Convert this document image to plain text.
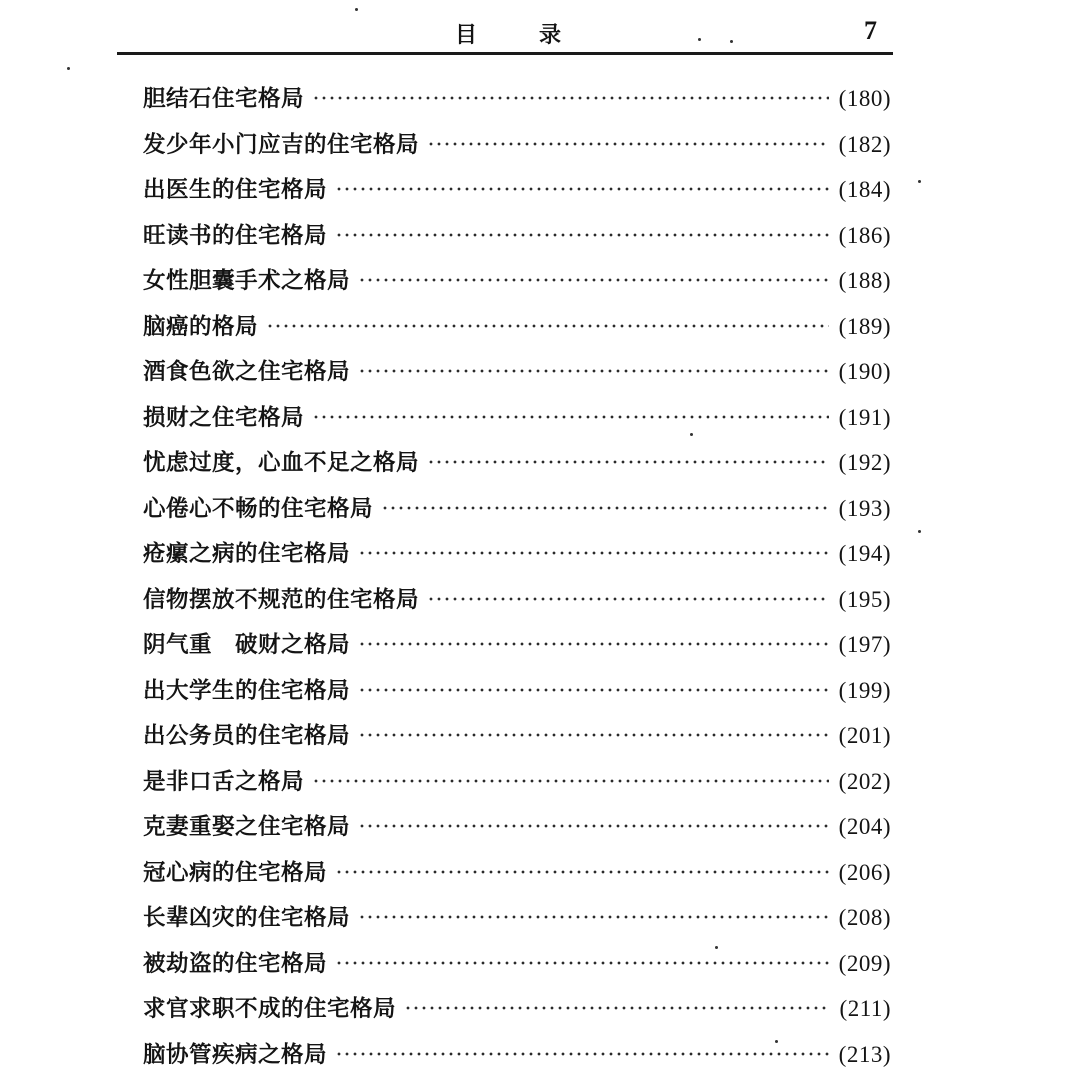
目录	7
胆结石住宅格局	(180)
发少年小门应吉的住宅格局	(182)
出医生的住宅格局	(184)
旺读书的住宅格局	(186)
女性胆囊手术之格局	(188)
脑癌的格局	(189)
酒食色欲之住宅格局	(190)
损财之住宅格局	(191)
忧虑过度，心血不足之格局	(192)
心倦心不畅的住宅格局	(193)
疮瘰之病的住宅格局	(194)
信物摆放不规范的住宅格局	(195)
阴气重　破财之格局	(197)
出大学生的住宅格局	(199)
出公务员的住宅格局	(201)
是非口舌之格局	(202)
克妻重娶之住宅格局	(204)
冠心病的住宅格局	(206)
长辈凶灾的住宅格局	(208)
被劫盗的住宅格局	(209)
求官求职不成的住宅格局	(211)
脑协管疾病之格局	(213)
